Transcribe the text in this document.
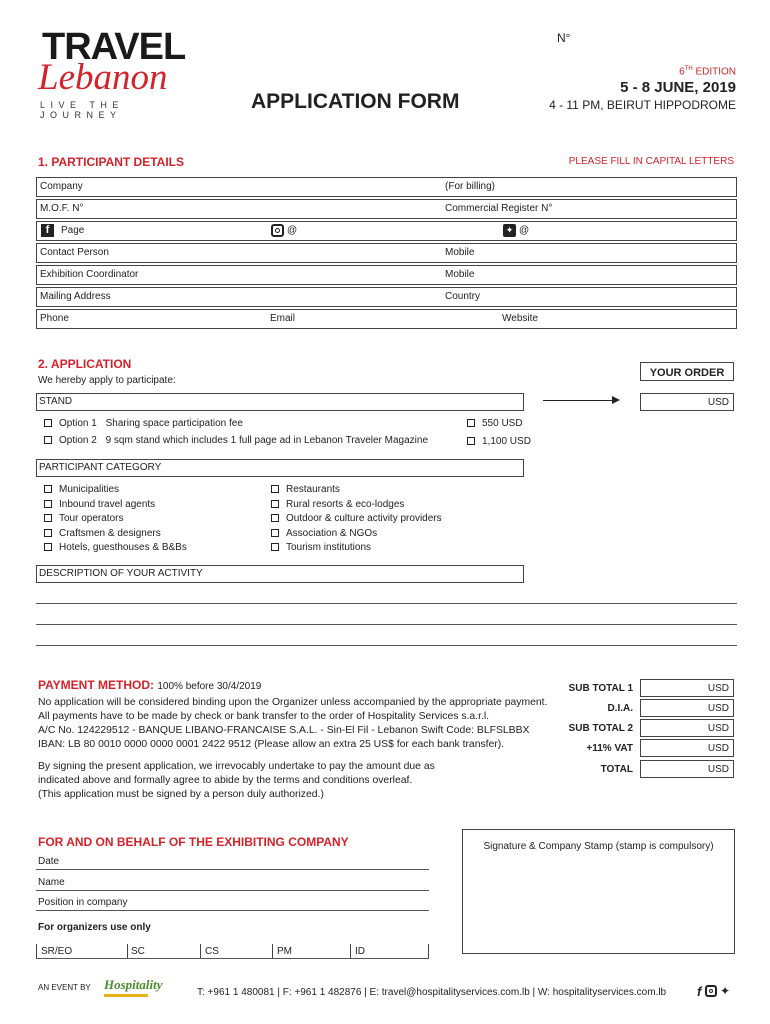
TRAVEL
Lebanon
LIVE THE JOURNEY
N°
6TH EDITION
5 - 8 JUNE, 2019
4 - 11 PM, BEIRUT HIPPODROME
APPLICATION FORM
1. PARTICIPANT DETAILS	PLEASE FILL IN CAPITAL LETTERS
Company	(For billing)
M.O.F. N°	Commercial Register N°
f	Page	@	✦ @
Contact Person	Mobile
Exhibition Coordinator	Mobile
Mailing Address	Country
Phone	Email	Website
2. APPLICATION
We hereby apply to participate:
YOUR ORDER
STAND	USD
Option 1 Sharing space participation fee	550 USD
Option 2 9 sqm stand which includes 1 full page ad in Lebanon Traveler Magazine	1,100 USD
PARTICIPANT CATEGORY
Municipalities
Inbound travel agents
Tour operators
Craftsmen & designers
Hotels, guesthouses & B&Bs
Restaurants
Rural resorts & eco-lodges
Outdoor & culture activity providers
Association & NGOs
Tourism institutions
DESCRIPTION OF YOUR ACTIVITY
PAYMENT METHOD: 100% before 30/4/2019
No application will be considered binding upon the Organizer unless accompanied by the appropriate payment.
All payments have to be made by check or bank transfer to the order of Hospitality Services s.a.r.l.
A/C No. 124229512 - BANQUE LIBANO-FRANCAISE S.A.L. - Sin-El Fil - Lebanon Swift Code: BLFSLBBX
IBAN: LB 80 0010 0000 0000 0001 2422 9512 (Please allow an extra 25 US$ for each bank transfer).
By signing the present application, we irrevocably undertake to pay the amount due as
indicated above and formally agree to abide by the terms and conditions overleaf.
(This application must be signed by a person duly authorized.)
SUB TOTAL 1	USD
D.I.A.	USD
SUB TOTAL 2	USD
+11% VAT	USD
TOTAL	USD
FOR AND ON BEHALF OF THE EXHIBITING COMPANY
Date
Name
Position in company
For organizers use only
SR/EO	SC	CS	PM	ID
Signature & Company Stamp (stamp is compulsory)
AN EVENT BY Hospitality
T: +961 1 480081 | F: +961 1 482876 | E: travel@hospitalityservices.com.lb | W: hospitalityservices.com.lb f ✦
